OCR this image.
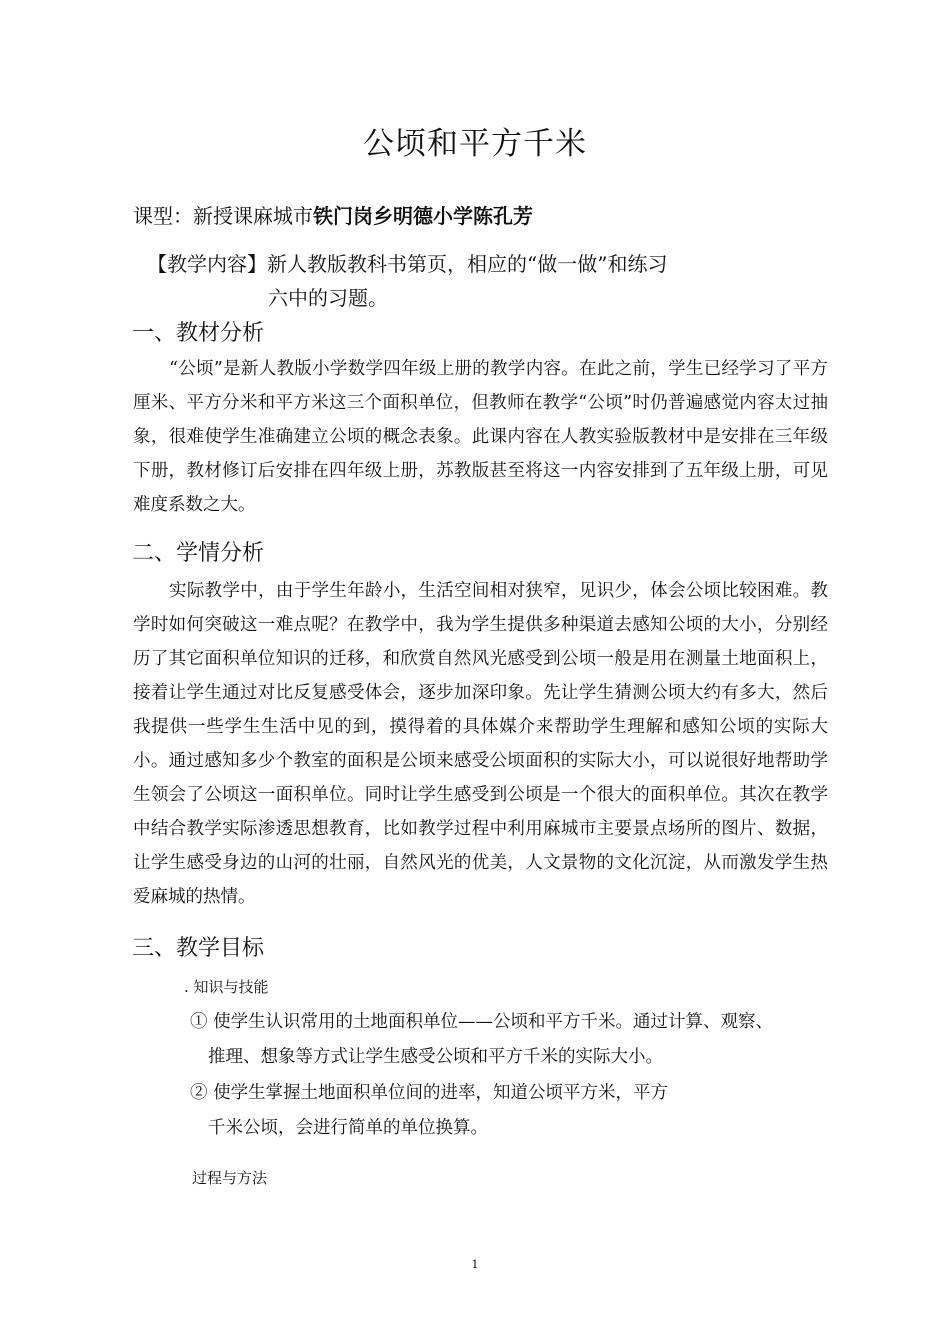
公顷和平方千米
课型：新授课麻城市铁门岗乡明德小学陈孔芳
【教学内容】新人教版教科书第页，相应的“做一做”和练习
六中的习题。
一、教材分析

“公顷”是新人教版小学数学四年级上册的教学内容。在此之前，学生已经学习了平方厘米、平方分米和平方米这三个面积单位，但教师在教学“公顷”时仍普遍感觉内容太过抽象，很难使学生准确建立公顷的概念表象。此课内容在人教实验版教材中是安排在三年级下册，教材修订后安排在四年级上册，苏教版甚至将这一内容安排到了五年级上册，可见难度系数之大。

二、学情分析

实际教学中，由于学生年龄小，生活空间相对狭窄，见识少，体会公顷比较困难。教学时如何突破这一难点呢？在教学中，我为学生提供多种渠道去感知公顷的大小，分别经历了其它面积单位知识的迁移，和欣赏自然风光感受到公顷一般是用在测量土地面积上，接着让学生通过对比反复感受体会，逐步加深印象。先让学生猜测公顷大约有多大，然后我提供一些学生生活中见的到，摸得着的具体媒介来帮助学生理解和感知公顷的实际大小。通过感知多少个教室的面积是公顷来感受公顷面积的实际大小，可以说很好地帮助学生领会了公顷这一面积单位。同时让学生感受到公顷是一个很大的面积单位。其次在教学中结合教学实际渗透思想教育，比如教学过程中利用麻城市主要景点场所的图片、数据，让学生感受身边的山河的壮丽，自然风光的优美，人文景物的文化沉淀，从而激发学生热爱麻城的热情。

三、教学目标
. 知识与技能
① 使学生认识常用的土地面积单位——公顷和平方千米。通过计算、观察、
推理、想象等方式让学生感受公顷和平方千米的实际大小。
② 使学生掌握土地面积单位间的进率，知道公顷平方米，平方
千米公顷，会进行简单的单位换算。
过程与方法
1
